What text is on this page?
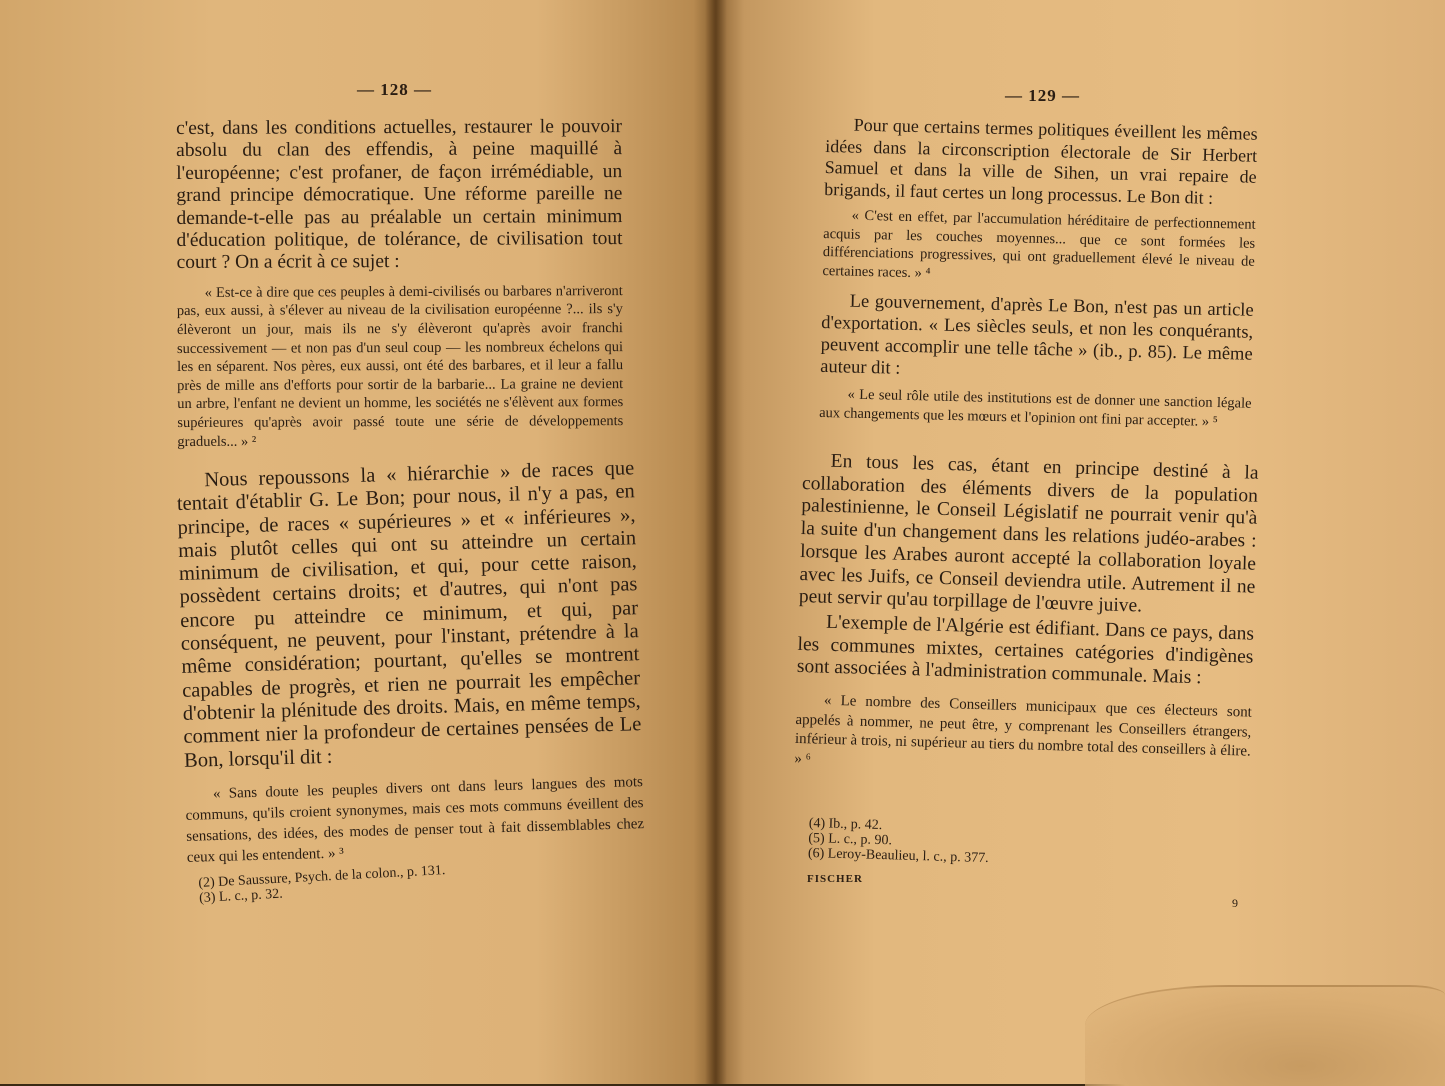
— 128 —

c'est, dans les conditions actuelles, restaurer le pouvoir absolu du clan des effendis, à peine maquillé à l'européenne; c'est profaner, de façon irrémédiable, un grand principe démocratique. Une réforme pareille ne demande-t-elle pas au préalable un certain minimum d'éducation politique, de tolérance, de civilisation tout court ? On a écrit à ce sujet :

« Est-ce à dire que ces peuples à demi-civilisés ou barbares n'arriveront pas, eux aussi, à s'élever au niveau de la civilisation européenne ?... ils s'y élèveront un jour, mais ils ne s'y élèveront qu'après avoir franchi successivement — et non pas d'un seul coup — les nombreux échelons qui les en séparent. Nos pères, eux aussi, ont été des barbares, et il leur a fallu près de mille ans d'efforts pour sortir de la barbarie... La graine ne devient un arbre, l'enfant ne devient un homme, les sociétés ne s'élèvent aux formes supérieures qu'après avoir passé toute une série de développements graduels... » ²

Nous repoussons la « hiérarchie » de races que tentait d'établir G. Le Bon; pour nous, il n'y a pas, en principe, de races « supérieures » et « inférieures », mais plutôt celles qui ont su atteindre un certain minimum de civilisation, et qui, pour cette raison, possèdent certains droits; et d'autres, qui n'ont pas encore pu atteindre ce minimum, et qui, par conséquent, ne peuvent, pour l'instant, prétendre à la même considération; pourtant, qu'elles se montrent capables de progrès, et rien ne pourrait les empêcher d'obtenir la plénitude des droits. Mais, en même temps, comment nier la profondeur de certaines pensées de Le Bon, lorsqu'il dit :

« Sans doute les peuples divers ont dans leurs langues des mots communs, qu'ils croient synonymes, mais ces mots communs éveillent des sensations, des idées, des modes de penser tout à fait dissemblables chez ceux qui les entendent. » ³

(2) De Saussure, Psych. de la colon., p. 131.
(3) L. c., p. 32.
— 129 —

Pour que certains termes politiques éveillent les mêmes idées dans la circonscription électorale de Sir Herbert Samuel et dans la ville de Sihen, un vrai repaire de brigands, il faut certes un long processus. Le Bon dit :

« C'est en effet, par l'accumulation héréditaire de perfectionnement acquis par les couches moyennes... que ce sont formées les différenciations progressives, qui ont graduellement élevé le niveau de certaines races. » ⁴

Le gouvernement, d'après Le Bon, n'est pas un article d'exportation. « Les siècles seuls, et non les conquérants, peuvent accomplir une telle tâche » (ib., p. 85). Le même auteur dit :

« Le seul rôle utile des institutions est de donner une sanction légale aux changements que les mœurs et l'opinion ont fini par accepter. » ⁵

En tous les cas, étant en principe destiné à la collaboration des éléments divers de la population palestinienne, le Conseil Législatif ne pourrait venir qu'à la suite d'un changement dans les relations judéo-arabes : lorsque les Arabes auront accepté la collaboration loyale avec les Juifs, ce Conseil deviendra utile. Autrement il ne peut servir qu'au torpillage de l'œuvre juive.

L'exemple de l'Algérie est édifiant. Dans ce pays, dans les communes mixtes, certaines catégories d'indigènes sont associées à l'administration communale. Mais :

« Le nombre des Conseillers municipaux que ces électeurs sont appelés à nommer, ne peut être, y comprenant les Conseillers étrangers, inférieur à trois, ni supérieur au tiers du nombre total des conseillers à élire. » ⁶

(4) Ib., p. 42.
(5) L. c., p. 90.
(6) Leroy-Beaulieu, l. c., p. 377.
FISCHER
9
